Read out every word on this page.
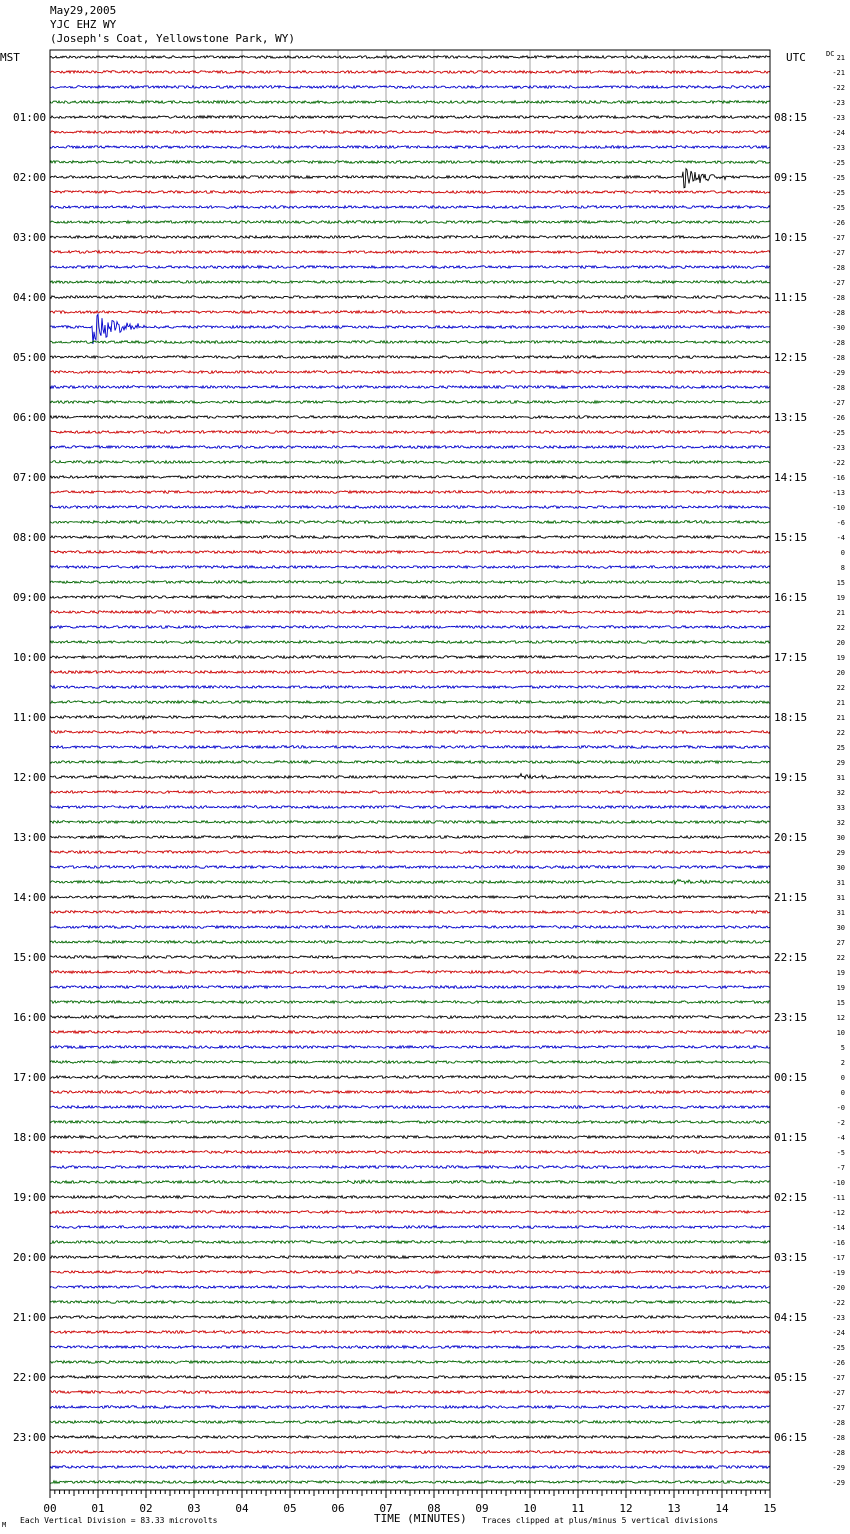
May29,2005
YJC EHZ WY
(Joseph's Coat, Yellowstone Park, WY)
MST	UTC	DC
01:00
02:00
03:00
04:00
05:00
06:00
07:00
08:00
09:00
10:00
11:00
12:00
13:00
14:00
15:00
16:00
17:00
18:00
19:00
20:00
21:00
22:00
23:00
08:15
09:15
10:15
11:15
12:15
13:15
14:15
15:15
16:15
17:15
18:15
19:15
20:15
21:15
22:15
23:15
00:15
01:15
02:15
03:15
04:15
05:15
06:15
21
-21
-22
-23
-23
-24
-23
-25
-25
-25
-25
-26
-27
-27
-28
-27
-28
-28
-30
-28
-28
-29
-28
-27
-26
-25
-23
-22
-16
-13
-10
-6
-4
0
8
15
19
21
22
20
19
20
22
21
21
22
25
29
31
32
33
32
30
29
30
31
31
31
30
27
22
19
19
15
12
10
5
2
0
0
-0
-2
-4
-5
-7
-10
-11
-12
-14
-16
-17
-19
-20
-22
-23
-24
-25
-26
-27
-27
-27
-28
-28
-28
-29
-29
00	01	02	03	04	05	06	07	08	09	10	11	12	13	14	15
TIME (MINUTES)
Each Vertical Division = 83.33 microvolts	Traces clipped at plus/minus 5 vertical divisions
M
